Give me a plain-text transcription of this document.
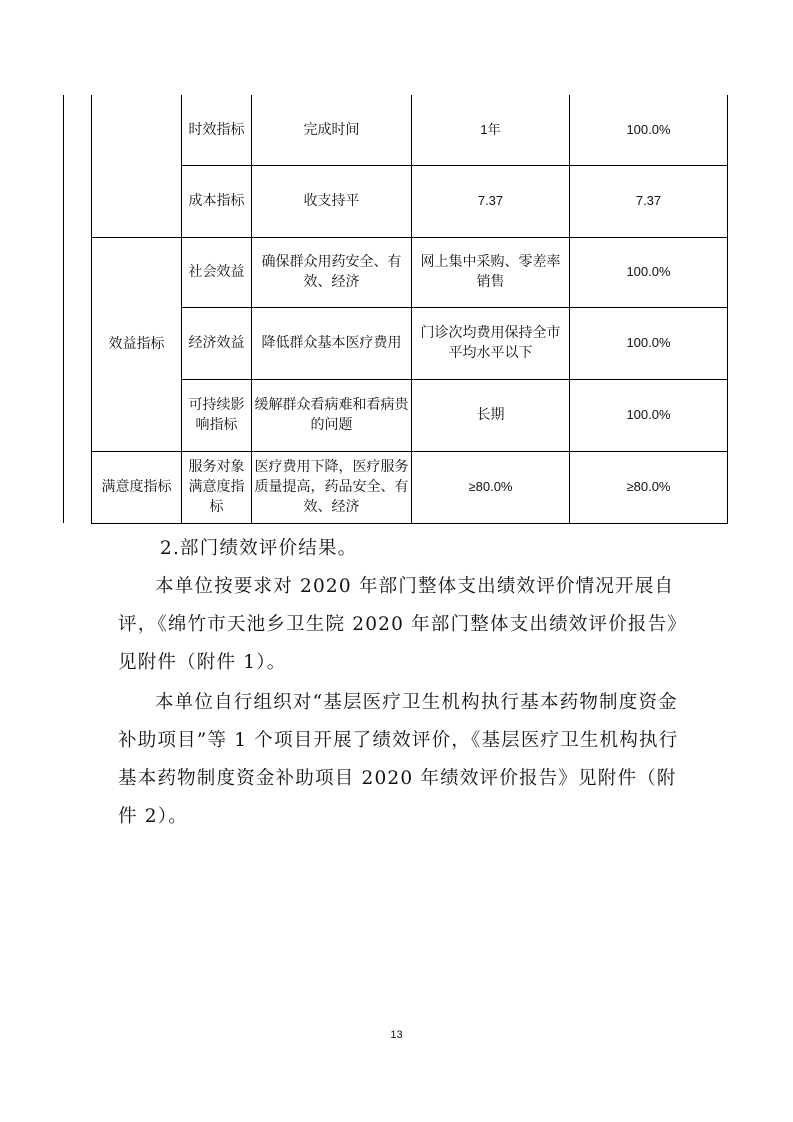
	时效指标	完成时间	1年	100.0%
	成本指标	收支持平	7.37	7.37
效益指标	社会效益	确保群众用药安全、有效、经济	网上集中采购、零差率销售	100.0%
	经济效益	降低群众基本医疗费用	门诊次均费用保持全市平均水平以下	100.0%
	可持续影响指标	缓解群众看病难和看病贵的问题	长期	100.0%
满意度指标	服务对象满意度指标	医疗费用下降，医疗服务质量提高，药品安全、有效、经济	≥80.0%	≥80.0%
2.部门绩效评价结果。
本单位按要求对 2020 年部门整体支出绩效评价情况开展自评，《绵竹市天池乡卫生院 2020 年部门整体支出绩效评价报告》见附件（附件 1）。
本单位自行组织对“基层医疗卫生机构执行基本药物制度资金补助项目”等 1 个项目开展了绩效评价，《基层医疗卫生机构执行基本药物制度资金补助项目 2020 年绩效评价报告》见附件（附件 2）。
13
